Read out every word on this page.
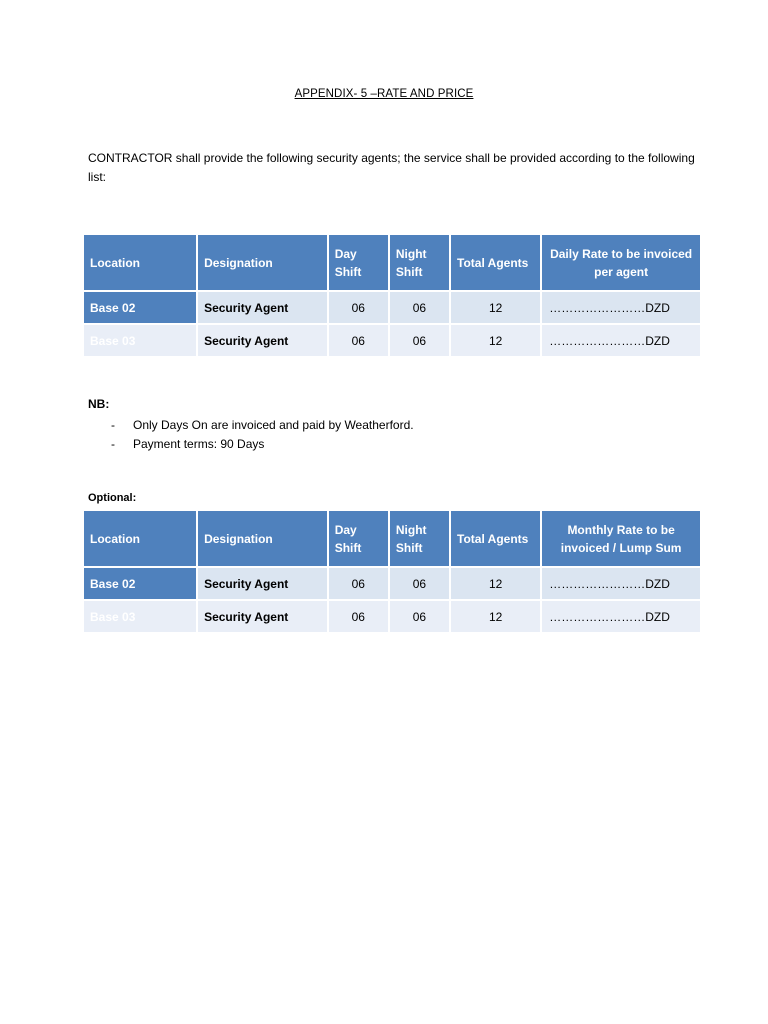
APPENDIX- 5 –RATE AND PRICE
CONTRACTOR shall provide the following security agents; the service shall be provided according to the following list:
Location	Designation	Day Shift	Night Shift	Total Agents	Daily Rate to be invoiced per agent
Base 02	Security Agent	06	06	12	……………………DZD
Base 03	Security Agent	06	06	12	……………………DZD
NB:
- Only Days On are invoiced and paid by Weatherford.
- Payment terms: 90 Days
Optional:
Location	Designation	Day Shift	Night Shift	Total Agents	Monthly Rate to be invoiced / Lump Sum
Base 02	Security Agent	06	06	12	……………………DZD
Base 03	Security Agent	06	06	12	……………………DZD
